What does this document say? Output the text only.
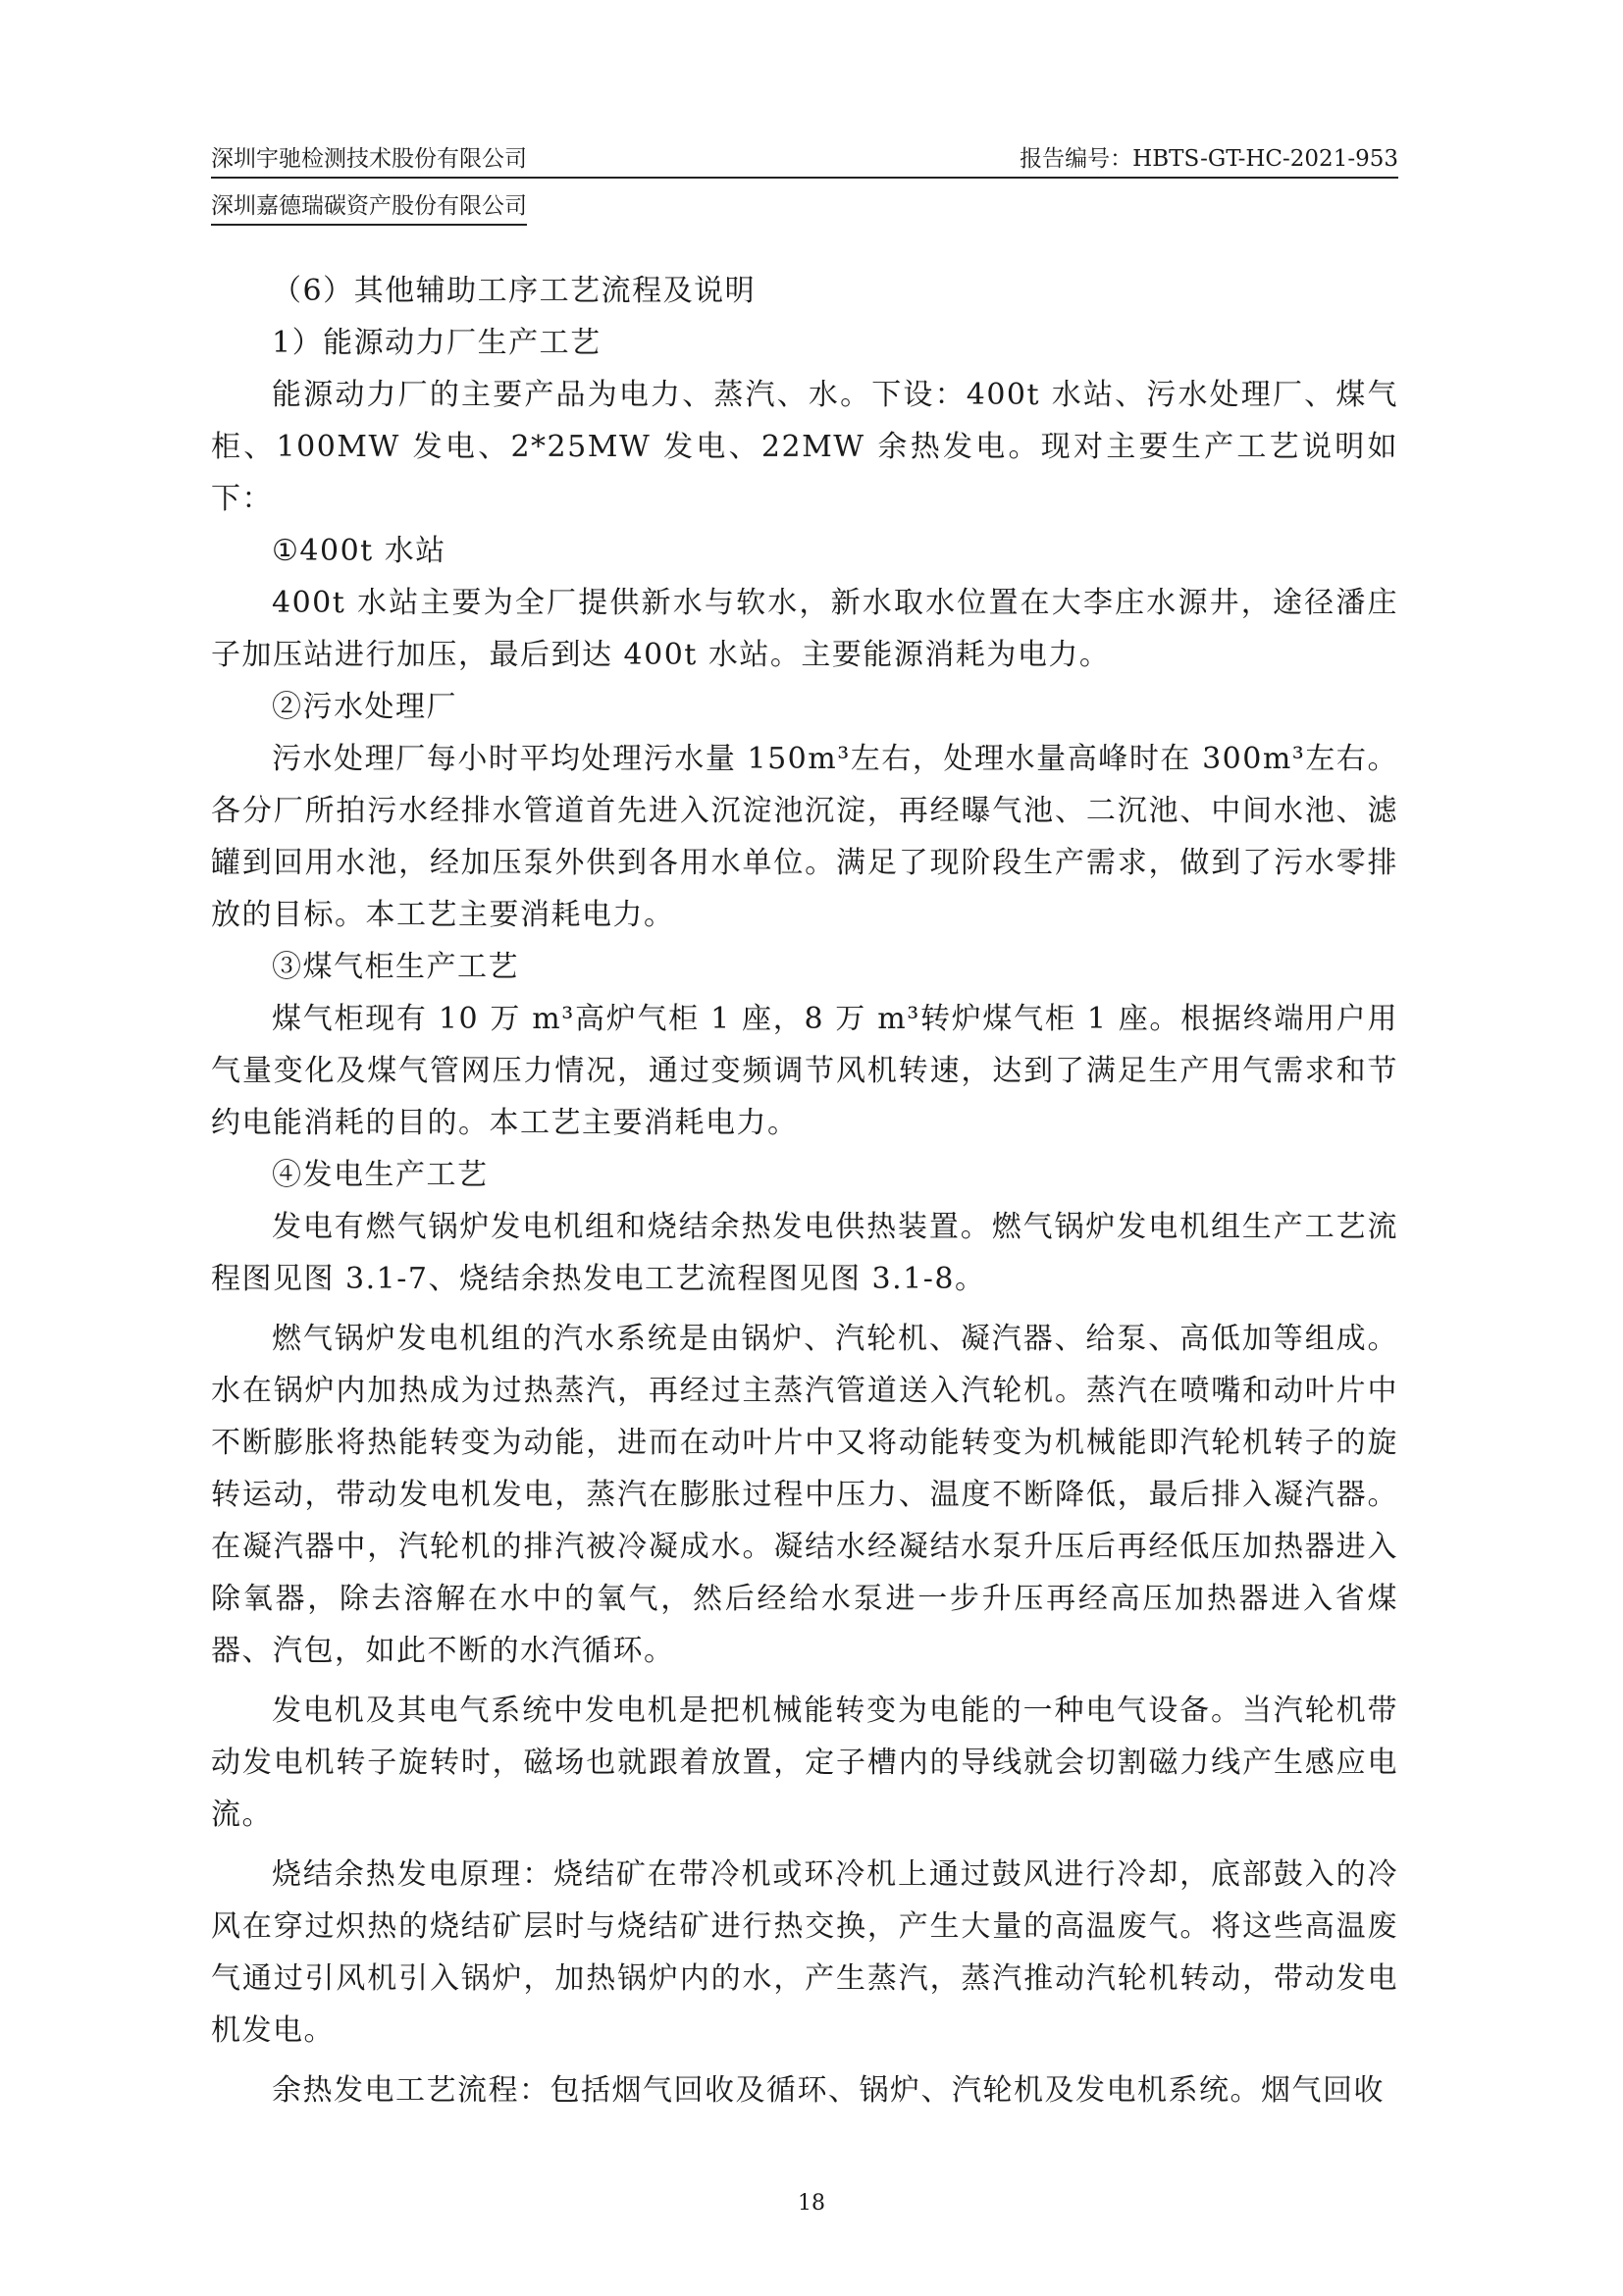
深圳宇驰检测技术股份有限公司	报告编号：HBTS-GT-HC-2021-953
深圳嘉德瑞碳资产股份有限公司

（6）其他辅助工序工艺流程及说明

1）能源动力厂生产工艺

能源动力厂的主要产品为电力、蒸汽、水。下设：400t 水站、污水处理厂、煤气柜、100MW 发电、2*25MW 发电、22MW 余热发电。现对主要生产工艺说明如下：

①400t 水站

400t 水站主要为全厂提供新水与软水，新水取水位置在大李庄水源井，途径潘庄子加压站进行加压，最后到达 400t 水站。主要能源消耗为电力。

②污水处理厂

污水处理厂每小时平均处理污水量 150m³左右，处理水量高峰时在 300m³左右。各分厂所拍污水经排水管道首先进入沉淀池沉淀，再经曝气池、二沉池、中间水池、滤罐到回用水池，经加压泵外供到各用水单位。满足了现阶段生产需求，做到了污水零排放的目标。本工艺主要消耗电力。

③煤气柜生产工艺

煤气柜现有 10 万 m³高炉气柜 1 座，8 万 m³转炉煤气柜 1 座。根据终端用户用气量变化及煤气管网压力情况，通过变频调节风机转速，达到了满足生产用气需求和节约电能消耗的目的。本工艺主要消耗电力。

④发电生产工艺

发电有燃气锅炉发电机组和烧结余热发电供热装置。燃气锅炉发电机组生产工艺流程图见图 3.1-7、烧结余热发电工艺流程图见图 3.1-8。

燃气锅炉发电机组的汽水系统是由锅炉、汽轮机、凝汽器、给泵、高低加等组成。水在锅炉内加热成为过热蒸汽，再经过主蒸汽管道送入汽轮机。蒸汽在喷嘴和动叶片中不断膨胀将热能转变为动能，进而在动叶片中又将动能转变为机械能即汽轮机转子的旋转运动，带动发电机发电，蒸汽在膨胀过程中压力、温度不断降低，最后排入凝汽器。在凝汽器中，汽轮机的排汽被冷凝成水。凝结水经凝结水泵升压后再经低压加热器进入除氧器，除去溶解在水中的氧气，然后经给水泵进一步升压再经高压加热器进入省煤器、汽包，如此不断的水汽循环。

发电机及其电气系统中发电机是把机械能转变为电能的一种电气设备。当汽轮机带动发电机转子旋转时，磁场也就跟着放置，定子槽内的导线就会切割磁力线产生感应电流。

烧结余热发电原理：烧结矿在带冷机或环冷机上通过鼓风进行冷却，底部鼓入的冷风在穿过炽热的烧结矿层时与烧结矿进行热交换，产生大量的高温废气。将这些高温废气通过引风机引入锅炉，加热锅炉内的水，产生蒸汽，蒸汽推动汽轮机转动，带动发电机发电。

余热发电工艺流程：包括烟气回收及循环、锅炉、汽轮机及发电机系统。烟气回收

18
